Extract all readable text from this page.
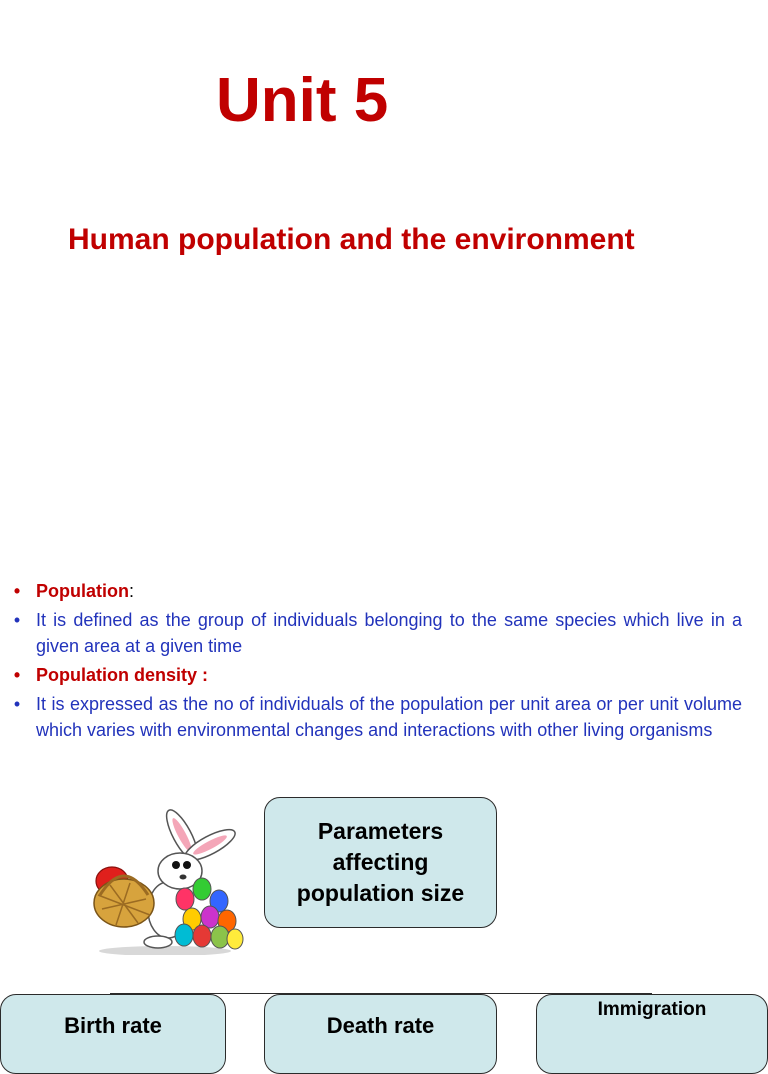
Unit 5
Human population and the environment
• Population:
• It is defined as the group of individuals belonging to the same species which live in a given area at a given time
• Population density :
• It is expressed as the no of individuals of the population per unit area or per unit volume which varies with environmental changes and interactions with other living organisms
Parameters affecting population size
Birth rate	Death rate
Immigration
